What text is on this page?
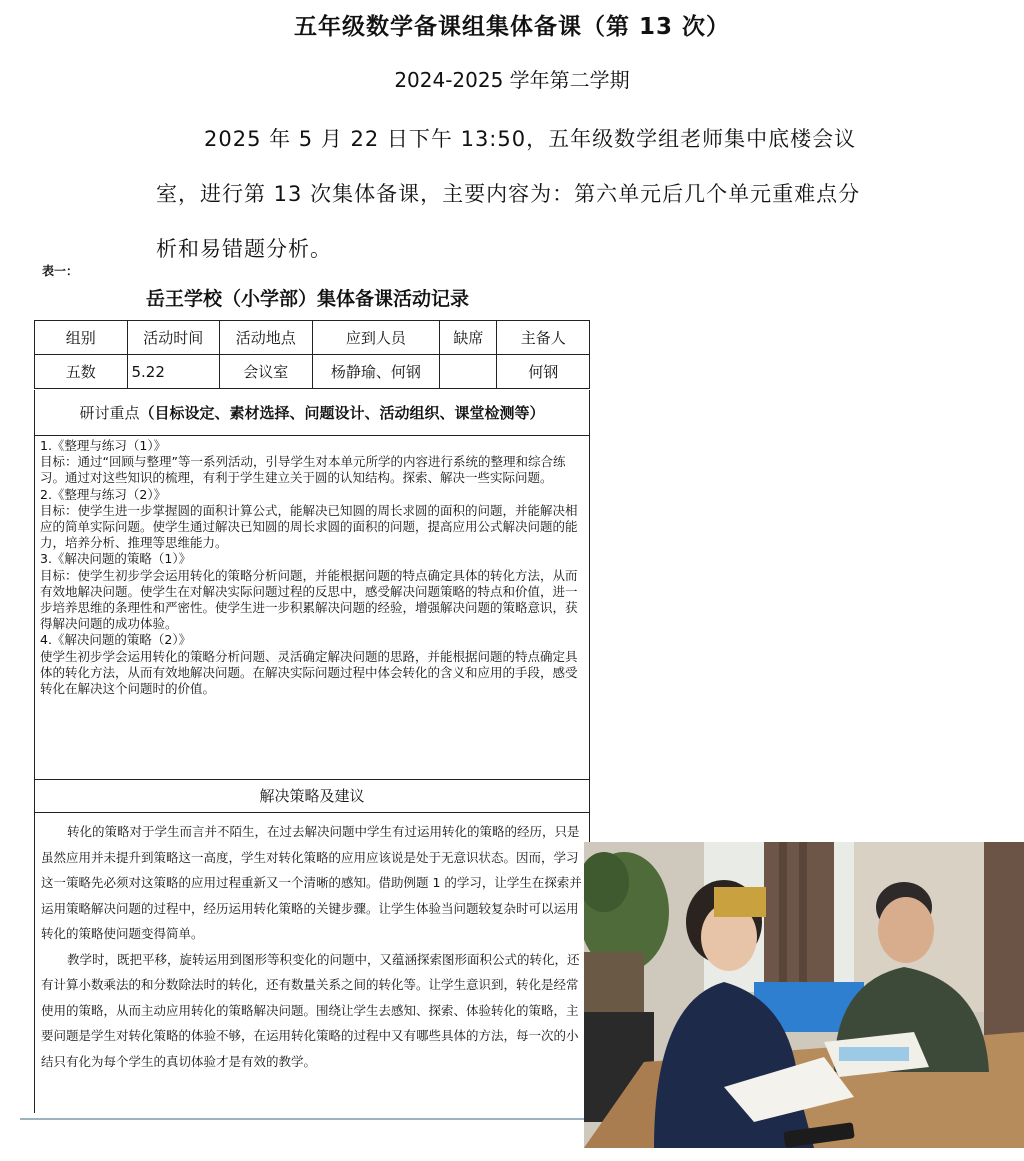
五年级数学备课组集体备课（第 13 次）
2024-2025 学年第二学期
2025 年 5 月 22 日下午 13:50，五年级数学组老师集中底楼会议室，进行第 13 次集体备课，主要内容为：第六单元后几个单元重难点分析和易错题分析。
表一：
岳王学校（小学部）集体备课活动记录
组别	活动时间	活动地点	应到人员	缺席	主备人
五数	5.22	会议室	杨静瑜、何钢		何钢
研讨重点（目标设定、素材选择、问题设计、活动组织、课堂检测等）

1.《整理与练习（1）》

目标：通过“回顾与整理”等一系列活动，引导学生对本单元所学的内容进行系统的整理和综合练习。通过对这些知识的梳理，有利于学生建立关于圆的认知结构。探索、解决一些实际问题。

2.《整理与练习（2）》

目标：使学生进一步掌握圆的面积计算公式，能解决已知圆的周长求圆的面积的问题，并能解决相应的简单实际问题。使学生通过解决已知圆的周长求圆的面积的问题，提高应用公式解决问题的能力，培养分析、推理等思维能力。

3.《解决问题的策略（1）》

目标：使学生初步学会运用转化的策略分析问题，并能根据问题的特点确定具体的转化方法，从而有效地解决问题。使学生在对解决实际问题过程的反思中，感受解决问题策略的特点和价值，进一步培养思维的条理性和严密性。使学生进一步积累解决问题的经验，增强解决问题的策略意识，获得解决问题的成功体验。

4.《解决问题的策略（2）》

使学生初步学会运用转化的策略分析问题、灵活确定解决问题的思路，并能根据问题的特点确定具体的转化方法，从而有效地解决问题。在解决实际问题过程中体会转化的含义和应用的手段，感受转化在解决这个问题时的价值。

解决策略及建议

转化的策略对于学生而言并不陌生，在过去解决问题中学生有过运用转化的策略的经历，只是虽然应用并未提升到策略这一高度，学生对转化策略的应用应该说是处于无意识状态。因而，学习这一策略先必须对这策略的应用过程重新又一个清晰的感知。借助例题 1 的学习，让学生在探索并运用策略解决问题的过程中，经历运用转化策略的关键步骤。让学生体验当问题较复杂时可以运用转化的策略使问题变得简单。

教学时，既把平移，旋转运用到图形等积变化的问题中，又蕴涵探索图形面积公式的转化，还有计算小数乘法的和分数除法时的转化，还有数量关系之间的转化等。让学生意识到，转化是经常使用的策略，从而主动应用转化的策略解决问题。围绕让学生去感知、探索、体验转化的策略，主要问题是学生对转化策略的体验不够，在运用转化策略的过程中又有哪些具体的方法，每一次的小结只有化为每个学生的真切体验才是有效的教学。
